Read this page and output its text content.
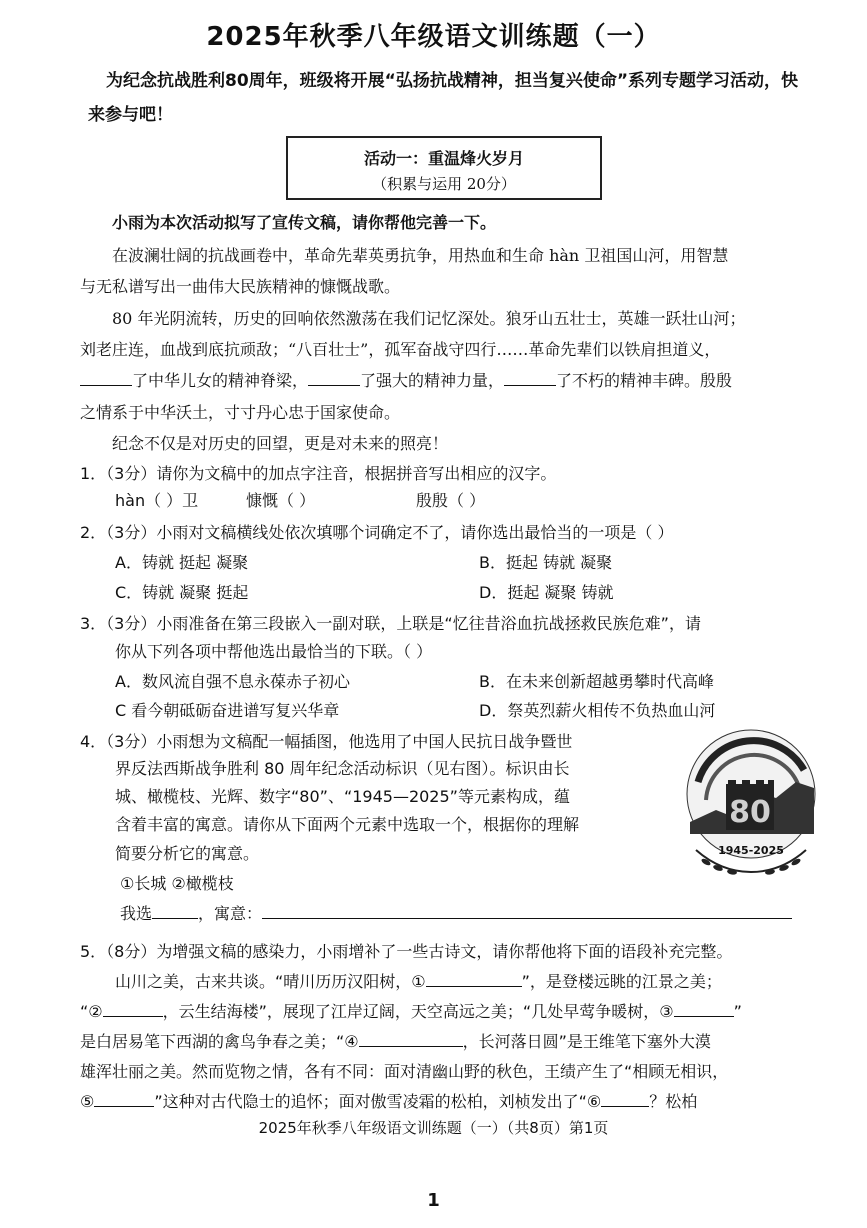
2025年秋季八年级语文训练题（一）
为纪念抗战胜利80周年，班级将开展“弘扬抗战精神，担当复兴使命”系列专题学习活动，快来参与吧！
活动一：重温烽火岁月
（积累与运用 20分）
小雨为本次活动拟写了宣传文稿，请你帮他完善一下。
在波澜壮阔的抗战画卷中，革命先辈英勇抗争，用热血和生命 hàn 卫祖国山河，用智慧
与无私谱写出一曲伟大民族精神的慷慨战歌。
80 年光阴流转，历史的回响依然激荡在我们记忆深处。狼牙山五壮士，英雄一跃壮山河；
刘老庄连，血战到底抗顽敌；“八百壮士”，孤军奋战守四行……革命先辈们以铁肩担道义，
了中华儿女的精神脊梁，	了强大的精神力量，	了不朽的精神丰碑。殷殷
之情系于中华沃土，寸寸丹心忠于国家使命。
纪念不仅是对历史的回望，更是对未来的照亮！
1．（3分）请你为文稿中的加点字注音，根据拼音写出相应的汉字。
hàn（ ）卫	慷慨（ ）	殷殷（ ）
2．（3分）小雨对文稿横线处依次填哪个词确定不了，请你选出最恰当的一项是（ ）
A．铸就 挺起 凝聚	B．挺起 铸就 凝聚
C．铸就 凝聚 挺起	D．挺起 凝聚 铸就
3．（3分）小雨准备在第三段嵌入一副对联，上联是“忆往昔浴血抗战拯救民族危难”，请
你从下列各项中帮他选出最恰当的下联。（ ）
A．数风流自强不息永葆赤子初心	B．在未来创新超越勇攀时代高峰
C 看今朝砥砺奋进谱写复兴华章	D．祭英烈薪火相传不负热血山河
4．（3分）小雨想为文稿配一幅插图，他选用了中国人民抗日战争暨世
界反法西斯战争胜利 80 周年纪念活动标识（见右图）。标识由长
城、橄榄枝、光辉、数字“80”、“1945—2025”等元素构成，蕴
含着丰富的寓意。请你从下面两个元素中选取一个，根据你的理解
简要分析它的寓意。
①长城 ②橄榄枝
我选	，寓意：
80
1945-2025
5．（8分）为增强文稿的感染力，小雨增补了一些古诗文，请你帮他将下面的语段补充完整。
山川之美，古来共谈。“晴川历历汉阳树，①	”，是登楼远眺的江景之美；
“②	，云生结海楼”，展现了江岸辽阔，天空高远之美；“几处早莺争暖树，③	”
是白居易笔下西湖的禽鸟争春之美；“④	，长河落日圆”是王维笔下塞外大漠
雄浑壮丽之美。然而览物之情，各有不同：面对清幽山野的秋色，王绩产生了“相顾无相识，
⑤	”这种对古代隐士的追怀；面对傲雪凌霜的松柏，刘桢发出了“⑥	？松柏
2025年秋季八年级语文训练题（一）（共8页）第1页
1
